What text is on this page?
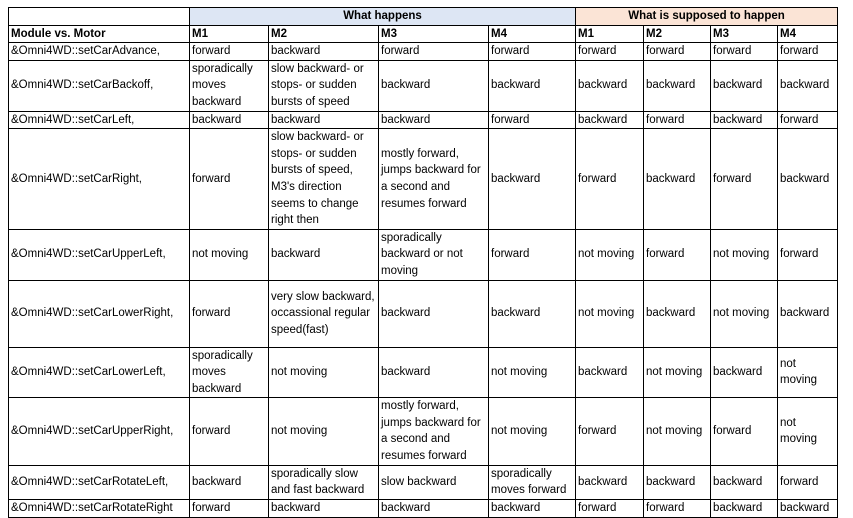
	What happens				What is supposed to happen			
Module vs. Motor	M1	M2	M3	M4	M1	M2	M3	M4
&Omni4WD::setCarAdvance,	forward	backward	forward	forward	forward	forward	forward	forward
&Omni4WD::setCarBackoff,	sporadically moves backward	slow backward- or stops- or sudden bursts of speed	backward	backward	backward	backward	backward	backward
&Omni4WD::setCarLeft,	backward	backward	backward	forward	backward	forward	backward	forward
&Omni4WD::setCarRight,	forward	slow backward- or stops- or sudden bursts of speed, M3's direction seems to change right then	mostly forward, jumps backward for a second and resumes forward	backward	forward	backward	forward	backward
&Omni4WD::setCarUpperLeft,	not moving	backward	sporadically backward or not moving	forward	not moving	forward	not moving	forward
&Omni4WD::setCarLowerRight,	forward	very slow backward, occassional regular speed(fast)	backward	backward	not moving	backward	not moving	backward
&Omni4WD::setCarLowerLeft,	sporadically moves backward	not moving	backward	not moving	backward	not moving	backward	not moving
&Omni4WD::setCarUpperRight,	forward	not moving	mostly forward, jumps backward for a second and resumes forward	not moving	forward	not moving	forward	not moving
&Omni4WD::setCarRotateLeft,	backward	sporadically slow and fast backward	slow backward	sporadically moves forward	backward	backward	backward	forward
&Omni4WD::setCarRotateRight	forward	backward	backward	backward	forward	forward	backward	backward
